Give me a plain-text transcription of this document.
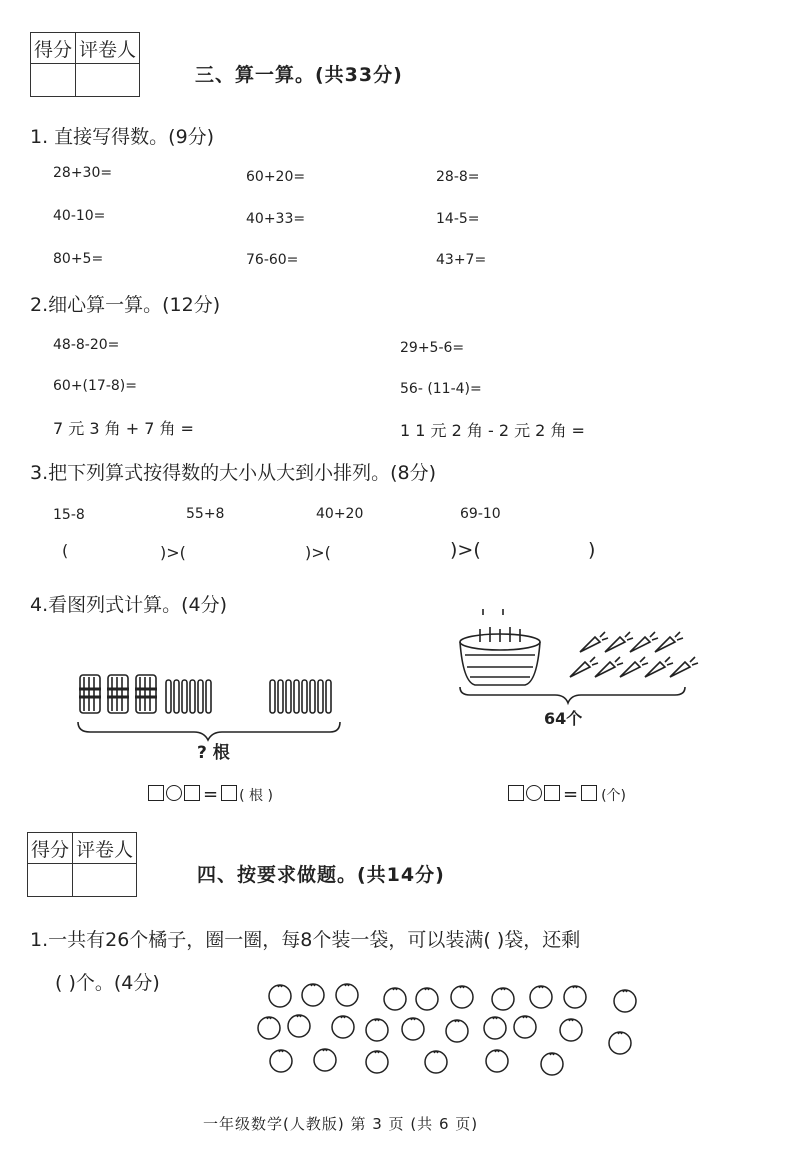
得分	评卷人

三、算一算。(共33分)
1. 直接写得数。(9分)
28+30=	60+20=	28-8=
40-10=	40+33=	14-5=
80+5=	76-60=	43+7=
2.细心算一算。(12分)
48-8-20=	29+5-6=
60+(17-8)=	56- (11-4)=
7 元 3 角 + 7 角 =	1 1 元 2 角 - 2 元 2 角 =
3.把下列算式按得数的大小从大到小排列。(8分)
15-8	55+8	40+20	69-10
(	)>(	)>(	)>(	)
4.看图列式计算。(4分)
? 根
= ( 根 )
64个
= (个)
得分	评卷人

四、按要求做题。(共14分)
1.一共有26个橘子，圈一圈，每8个装一袋，可以装满( )袋，还剩
( )个。(4分)
一年级数学(人教版) 第 3 页 (共 6 页)
